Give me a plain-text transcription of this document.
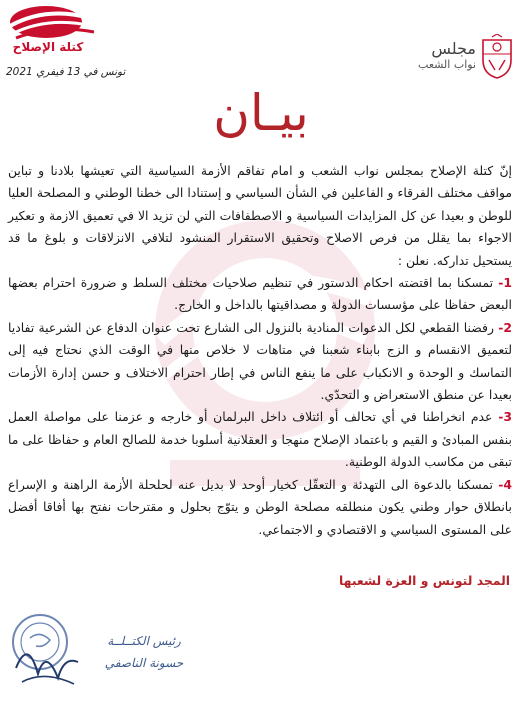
كتلة الإصلاح	مجلس
نواب الشعب
تونس في 13 فيفري 2021
بيـان

إنّ كتلة الإصلاح بمجلس نواب الشعب و امام تفاقم الأزمة السياسية التي تعيشها بلادنا و تباين مواقف مختلف الفرقاء و الفاعلين في الشأن السياسي و إستنادا الى خطنا الوطني و المصلحة العليا للوطن و بعيدا عن كل المزايدات السياسية و الاصطفافات التي لن تزيد الا في تعميق الازمة و تعكير الاجواء بما يقلل من فرص الاصلاح وتحقيق الاستقرار المنشود لتلافي الانزلاقات و بلوغ ما قد يستحيل تداركه. نعلن :

1- تمسكنا بما اقتضته احكام الدستور في تنظيم صلاحيات مختلف السلط و ضرورة احترام بعضها البعض حفاظا على مؤسسات الدولة و مصداقيتها بالداخل و الخارج.

2- رفضنا القطعي لكل الدعوات المنادية بالنزول الى الشارع تحت عنوان الدفاع عن الشرعية تفاديا لتعميق الانقسام و الزج بابناء شعبنا في متاهات لا خلاص منها في الوقت الذي نحتاج فيه إلى التماسك و الوحدة و الانكباب على ما ينفع الناس في إطار احترام الاختلاف و حسن إدارة الأزمات بعيدا عن منطق الاستعراض و التحدّي.

3- عدم انخراطنا في أي تحالف أو ائتلاف داخل البرلمان أو خارجه و عزمنا على مواصلة العمل بنفس المبادئ و القيم و باعتماد الإصلاح منهجا و العقلانية أسلوبا خدمة للصالح العام و حفاظا على ما تبقى من مكاسب الدولة الوطنية.

4- تمسكنا بالدعوة الى التهدئة و التعقّل كخيار أوحد لا بديل عنه لحلحلة الأزمة الراهنة و الإسراع بانطلاق حوار وطني يكون منطلقه مصلحة الوطن و يتوّج بحلول و مقترحات نفتح بها أفاقا أفضل على المستوى السياسي و الاقتصادي و الاجتماعي.

المجد لتونس و العزة لشعبها
رئيس الكتــلــة
حسونة الناصفي
